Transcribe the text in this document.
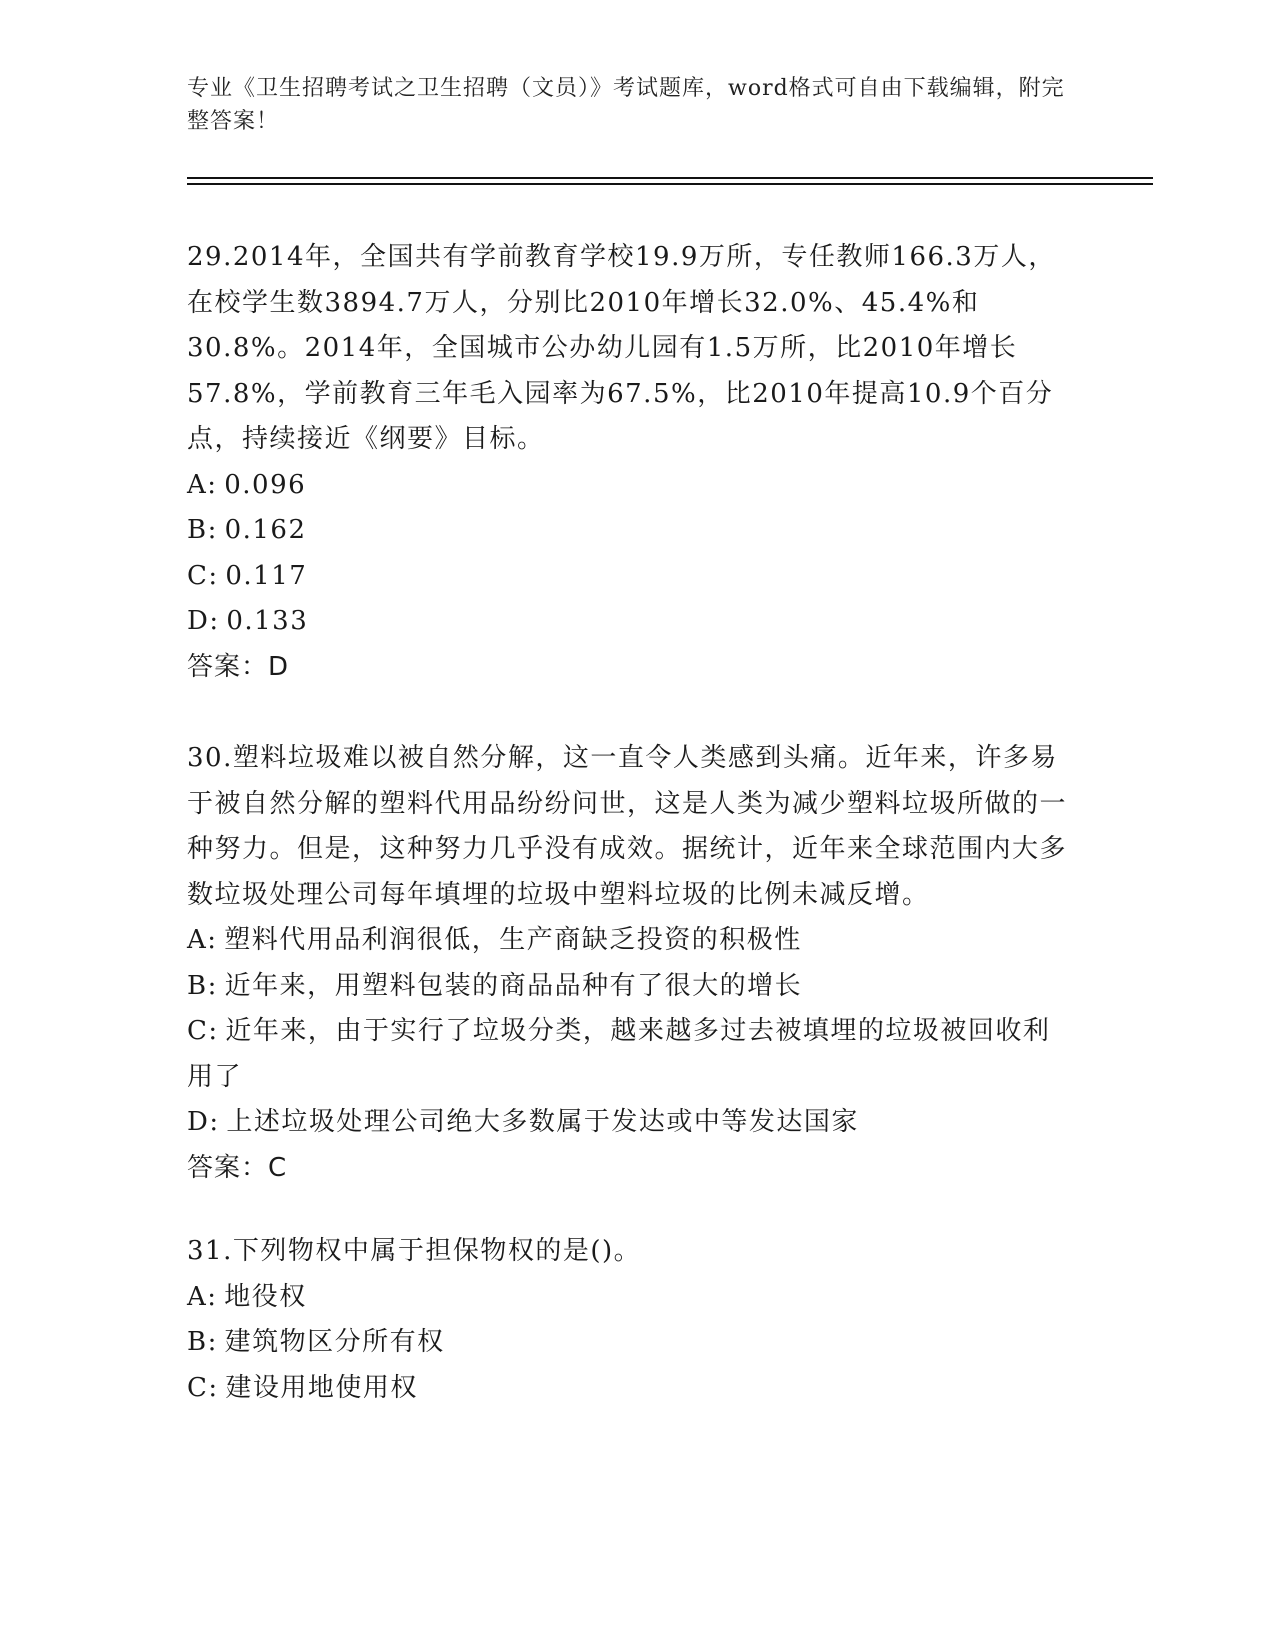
专业《卫生招聘考试之卫生招聘（文员）》考试题库，word格式可自由下载编辑，附完整答案！

29.2014年，全国共有学前教育学校19.9万所，专任教师166.3万人，在校学生数3894.7万人，分别比2010年增长32.0%、45.4%和30.8%。2014年，全国城市公办幼儿园有1.5万所，比2010年增长57.8%，学前教育三年毛入园率为67.5%，比2010年提高10.9个百分点，持续接近《纲要》目标。

A:  0.096

B:  0.162

C:  0.117

D:  0.133

答案：D

30.塑料垃圾难以被自然分解，这一直令人类感到头痛。近年来，许多易于被自然分解的塑料代用品纷纷问世，这是人类为减少塑料垃圾所做的一种努力。但是，这种努力几乎没有成效。据统计，近年来全球范围内大多数垃圾处理公司每年填埋的垃圾中塑料垃圾的比例未减反增。

A:  塑料代用品利润很低，生产商缺乏投资的积极性

B:  近年来，用塑料包装的商品品种有了很大的增长

C:  近年来，由于实行了垃圾分类，越来越多过去被填埋的垃圾被回收利用了

D:  上述垃圾处理公司绝大多数属于发达或中等发达国家

答案：C

31.下列物权中属于担保物权的是()。

A:  地役权

B:  建筑物区分所有权

C:  建设用地使用权
